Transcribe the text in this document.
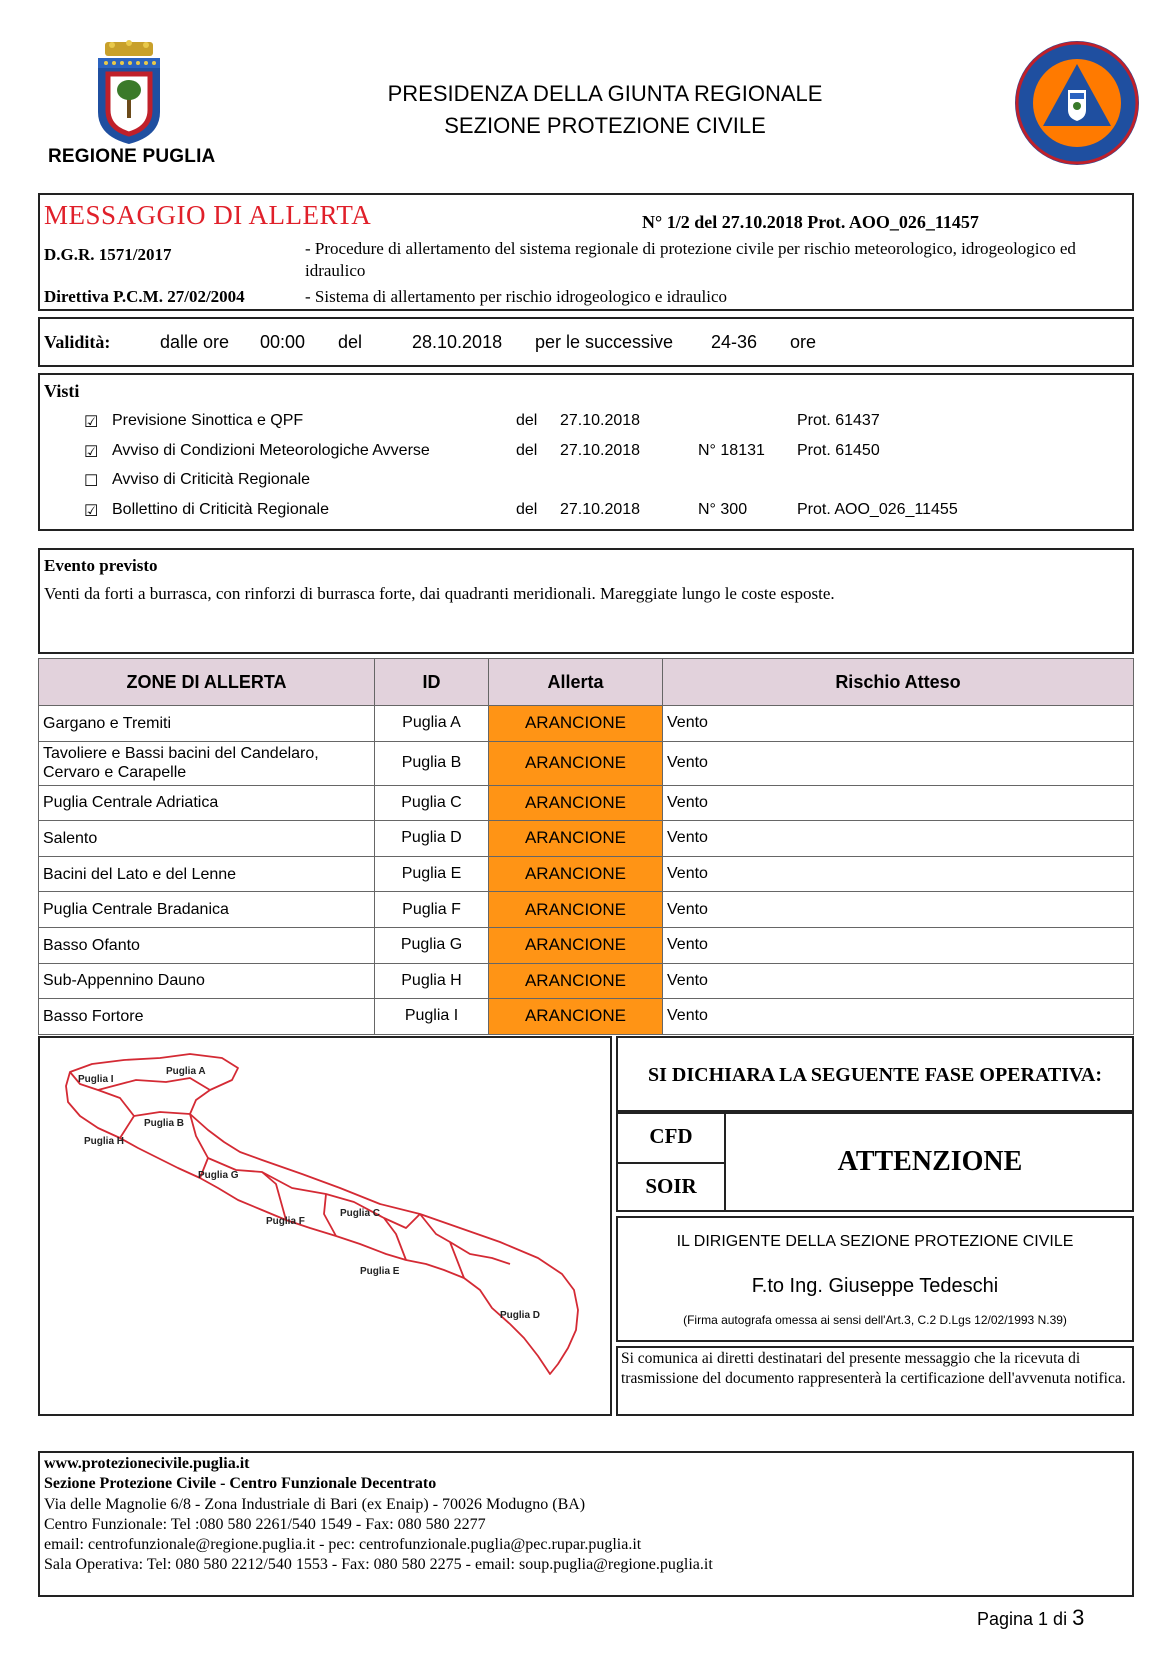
REGIONE PUGLIA
PRESIDENZA DELLA GIUNTA REGIONALE
SEZIONE PROTEZIONE CIVILE
MESSAGGIO DI ALLERTA	N° 1/2 del 27.10.2018 Prot. AOO_026_11457
D.G.R. 1571/2017	- Procedure di allertamento del sistema regionale di protezione civile per rischio meteorologico, idrogeologico ed idraulico
Direttiva P.C.M. 27/02/2004	- Sistema di allertamento per rischio idrogeologico e idraulico
Validità:	dalle ore 00:00 del	28.10.2018 per le successive 24-36 ore
Visti
☑ Previsione Sinottica e QPF	del 27.10.2018	Prot. 61437
☑ Avviso di Condizioni Meteorologiche Avverse	del 27.10.2018	N° 18131 Prot. 61450
☐ Avviso di Criticità Regionale
☑ Bollettino di Criticità Regionale	del 27.10.2018	N° 300	Prot. AOO_026_11455
Evento previsto
Venti da forti a burrasca, con rinforzi di burrasca forte, dai quadranti meridionali. Mareggiate lungo le coste esposte.
ZONE DI ALLERTA	ID	Allerta	Rischio Atteso
Gargano e Tremiti	Puglia A	ARANCIONE	Vento
Tavoliere e Bassi bacini del Candelaro, Cervaro e Carapelle	Puglia B	ARANCIONE	Vento
Puglia Centrale Adriatica	Puglia C	ARANCIONE	Vento
Salento	Puglia D	ARANCIONE	Vento
Bacini del Lato e del Lenne	Puglia E	ARANCIONE	Vento
Puglia Centrale Bradanica	Puglia F	ARANCIONE	Vento
Basso Ofanto	Puglia G	ARANCIONE	Vento
Sub-Appennino Dauno	Puglia H	ARANCIONE	Vento
Basso Fortore	Puglia I	ARANCIONE	Vento
Puglia I
Puglia A
Puglia B
Puglia H
Puglia G
Puglia C
Puglia F
Puglia E
Puglia D
SI DICHIARA LA SEGUENTE FASE OPERATIVA:
CFD
SOIR
ATTENZIONE
IL DIRIGENTE DELLA SEZIONE PROTEZIONE CIVILE
F.to Ing. Giuseppe Tedeschi
(Firma autografa omessa ai sensi dell'Art.3, C.2 D.Lgs 12/02/1993 N.39)
Si comunica ai diretti destinatari del presente messaggio che la ricevuta di trasmissione del documento rappresenterà la certificazione dell'avvenuta notifica.
www.protezionecivile.puglia.it
Sezione Protezione Civile - Centro Funzionale Decentrato
Via delle Magnolie 6/8 - Zona Industriale di Bari (ex Enaip) - 70026 Modugno (BA)
Centro Funzionale: Tel :080 580 2261/540 1549 - Fax: 080 580 2277
email: centrofunzionale@regione.puglia.it - pec: centrofunzionale.puglia@pec.rupar.puglia.it
Sala Operativa: Tel: 080 580 2212/540 1553 - Fax: 080 580 2275 - email: soup.puglia@regione.puglia.it
Pagina 1 di 3
